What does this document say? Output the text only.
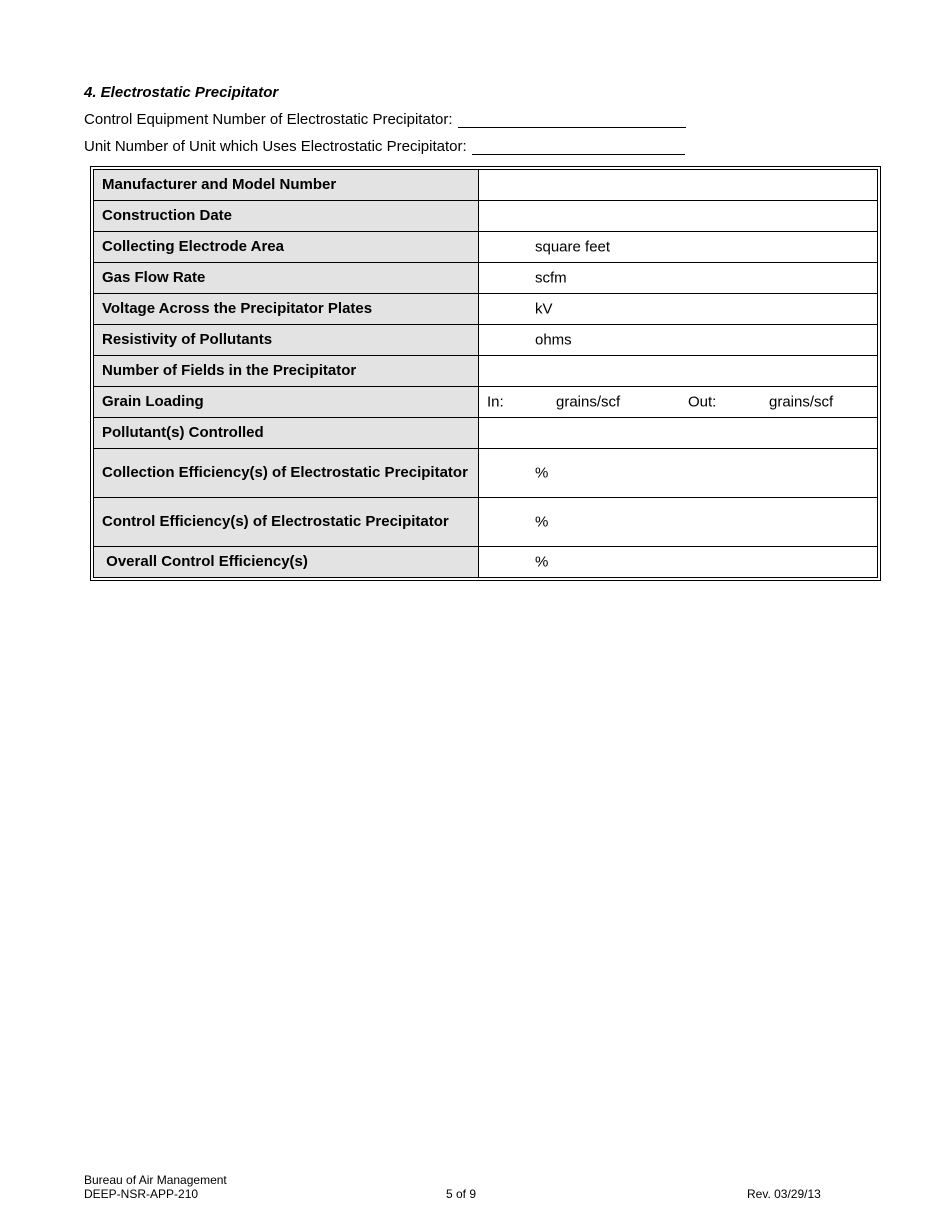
4. Electrostatic Precipitator
Control Equipment Number of Electrostatic Precipitator:
Unit Number of Unit which Uses Electrostatic Precipitator:
Manufacturer and Model Number	
Construction Date	
Collecting Electrode Area	square feet

Gas Flow Rate	scfm

Voltage Across the Precipitator Plates	kV

Resistivity of Pollutants	ohms

Number of Fields in the Precipitator	
Grain Loading	In: grains/scf Out: grains/scf

Pollutant(s) Controlled	
Collection Efficiency(s) of Electrostatic Precipitator	%

Control Efficiency(s) of Electrostatic Precipitator	%

Overall Control Efficiency(s)	%
Bureau of Air Management
DEEP-NSR-APP-210	5 of 9	Rev. 03/29/13
